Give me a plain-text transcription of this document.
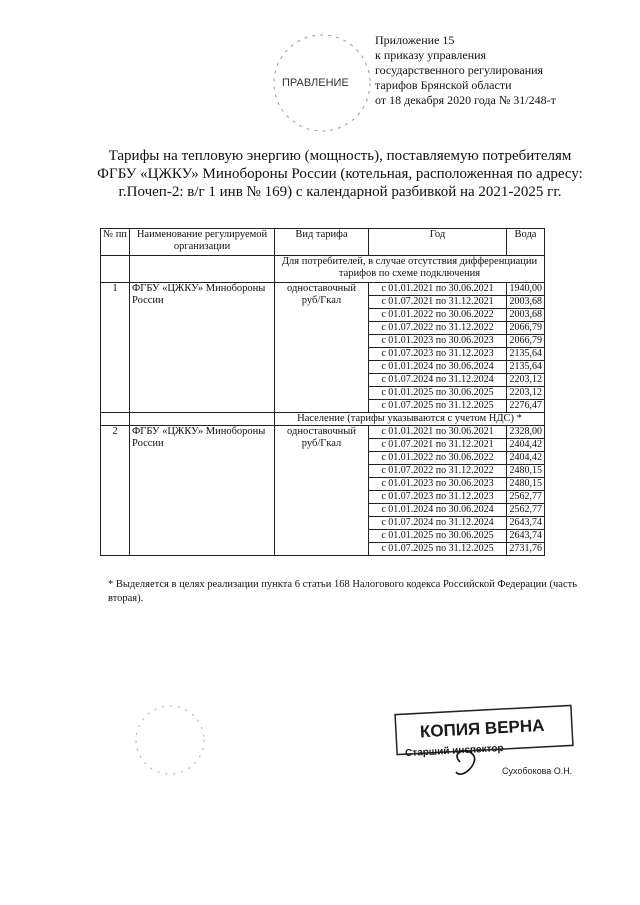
ПРАВЛЕНИЕ
Приложение 15
к приказу управления
государственного регулирования
тарифов Брянской области
от 18 декабря 2020 года № 31/248-т
Тарифы на тепловую энергию (мощность), поставляемую потребителям
ФГБУ «ЦЖКУ» Минобороны России (котельная, расположенная по адресу:
г.Почеп-2: в/г 1 инв № 169) с календарной разбивкой на 2021-2025 гг.
№ пп	Наименование регулируемой организации	Вид тарифа	Год	Вода
		Для потребителей, в случае отсутствия дифференциации тарифов по схеме подключения		
1	ФГБУ «ЦЖКУ» Минобороны России	одноставочный руб/Гкал	с 01.01.2021 по 30.06.2021	1940,00
			с 01.07.2021 по 31.12.2021	2003,68
			с 01.01.2022 по 30.06.2022	2003,68
			с 01.07.2022 по 31.12.2022	2066,79
			с 01.01.2023 по 30.06.2023	2066,79
			с 01.07.2023 по 31.12.2023	2135,64
			с 01.01.2024 по 30.06.2024	2135,64
			с 01.07.2024 по 31.12.2024	2203,12
			с 01.01.2025 по 30.06.2025	2203,12
			с 01.07.2025 по 31.12.2025	2276,47
		Население (тарифы указываются с учетом НДС) *		
2	ФГБУ «ЦЖКУ» Минобороны России	одноставочный руб/Гкал	с 01.01.2021 по 30.06.2021	2328,00
			с 01.07.2021 по 31.12.2021	2404,42
			с 01.01.2022 по 30.06.2022	2404,42
			с 01.07.2022 по 31.12.2022	2480,15
			с 01.01.2023 по 30.06.2023	2480,15
			с 01.07.2023 по 31.12.2023	2562,77
			с 01.01.2024 по 30.06.2024	2562,77
			с 01.07.2024 по 31.12.2024	2643,74
			с 01.01.2025 по 30.06.2025	2643,74
			с 01.07.2025 по 31.12.2025	2731,76
* Выделяется в целях реализации пункта 6 статьи 168 Налогового кодекса Российской Федерации (часть вторая).
КОПИЯ ВЕРНА
Старший инспектор
Сухобокова О.Н.
